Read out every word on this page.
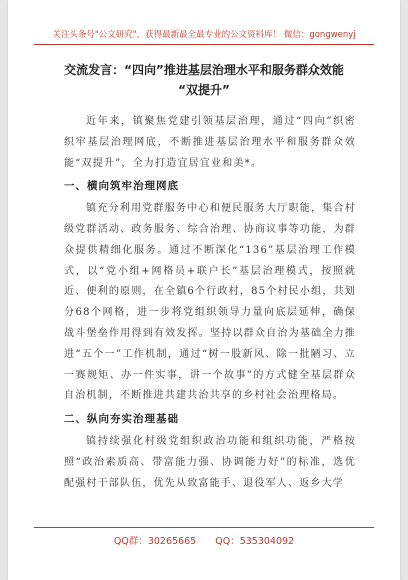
关注头条号"公文研究"，获得最新最全最专业的公文资料库！ 微信：gongwenyj
交流发言：“四向”推进基层治理水平和服务群众效能
“双提升”

近年来，镇聚焦党建引领基层治理，通过“四向”织密织牢基层治理网底，不断推进基层治理水平和服务群众效能“双提升”，全力打造宜居宜业和美*。

一、横向筑牢治理网底

镇充分利用党群服务中心和便民服务大厅职能，集合村级党群活动、政务服务、综合治理、协商议事等功能，为群众提供精细化服务。通过不断深化“136”基层治理工作模式，以“党小组+网格员+联户长”基层治理模式，按照就近、便利的原则，在全镇6个行政村，85个村民小组，共划分68个网格，进一步将党组织领导力量向底层延伸，确保战斗堡垒作用得到有效发挥。坚持以群众自治为基础全力推进“五个一”工作机制，通过“树一股新风、除一批陋习、立一赛规矩、办一件实事，讲一个故事”的方式健全基层群众自治机制，不断推进共建共治共享的乡村社会治理格局。

二、纵向夯实治理基础

镇持续强化村级党组织政治功能和组织功能，严格按照“政治素质高、带富能力强、协调能力好”的标准，选优配强村干部队伍，优先从致富能手、退役军人、返乡大学

QQ群：30265665 QQ：535304092
